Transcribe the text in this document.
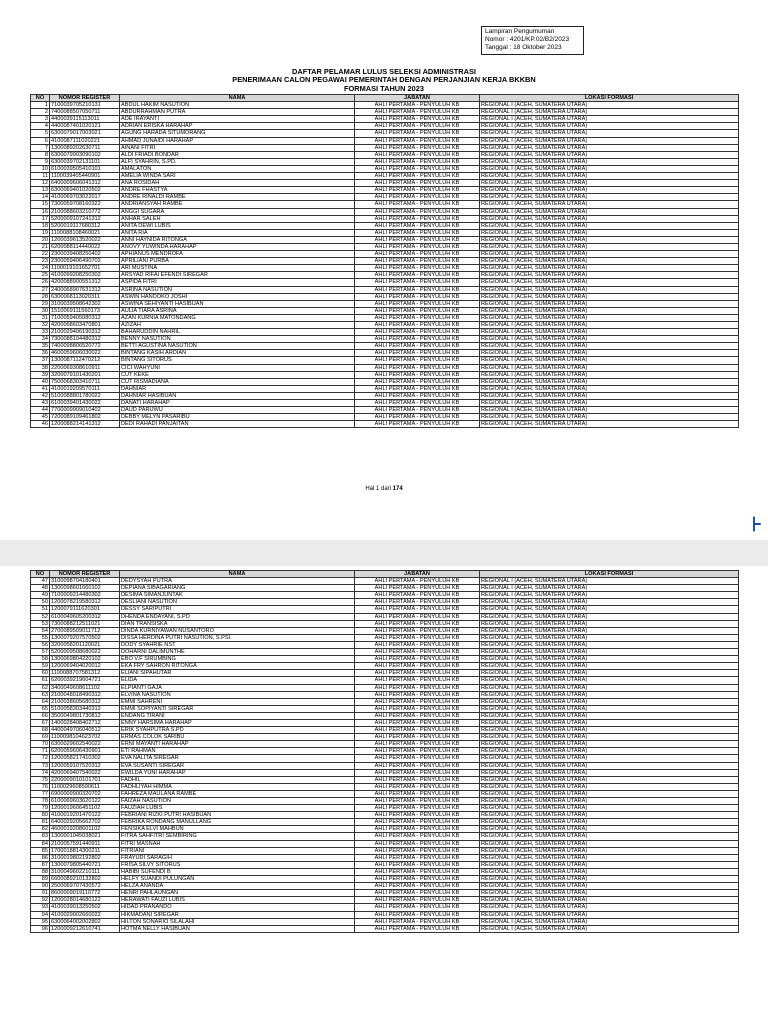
Lampiran Pengumuman
Nomor : 4201/KP.02/B2/2023
Tanggal : 18 Oktober 2023
DAFTAR PELAMAR LULUS SELEKSI ADMINISTRASI
PENERIMAAN CALON PEGAWAI PEMERINTAH DENGAN PERJANJIAN KERJA BKKBN
FORMASI TAHUN 2023
NO	NOMOR REGISTER	NAMA	JABATAN	LOKASI FORMASI
1	7100039705210131	ABDUL HAKIM NASUTION	AHLI PERTAMA - PENYULUH KB	REGIONAL I (ACEH, SUMATERA UTARA)
2	7400088507050711	ABDURRAHMAN PUTRA	AHLI PERTAMA - PENYULUH KB	REGIONAL I (ACEH, SUMATERA UTARA)
3	4400039115113011	ADE IRAYANTI	AHLI PERTAMA - PENYULUH KB	REGIONAL I (ACEH, SUMATERA UTARA)
4	4400087401020121	ADRIAN ERISKA HARAHAP	AHLI PERTAMA - PENYULUH KB	REGIONAL I (ACEH, SUMATERA UTARA)
5	6300079017003021	AGUNG HARADA SITUMORANG	AHLI PERTAMA - PENYULUH KB	REGIONAL I (ACEH, SUMATERA UTARA)
6	4100087111020221	AHMAD JUNAIDI HARAHAP	AHLI PERTAMA - PENYULUH KB	REGIONAL I (ACEH, SUMATERA UTARA)
7	1300089202630711	AINANI FITRI	AHLI PERTAMA - PENYULUH KB	REGIONAL I (ACEH, SUMATERA UTARA)
8	6300079903090102	ALDI FRIADI BONDAR	AHLI PERTAMA - PENYULUH KB	REGIONAL I (ACEH, SUMATERA UTARA)
9	6300039702131101	ALFI SYAHRIN, S.PD.	AHLI PERTAMA - PENYULUH KB	REGIONAL I (ACEH, SUMATERA UTARA)
10	6100039505410101	AMALATON	AHLI PERTAMA - PENYULUH KB	REGIONAL I (ACEH, SUMATERA UTARA)
11	1100039405440901	AMELIA WINDA SARI	AHLI PERTAMA - PENYULUH KB	REGIONAL I (ACEH, SUMATERA UTARA)
12	6400009606041312	ANA ROSIDAH	AHLI PERTAMA - PENYULUH KB	REGIONAL I (ACEH, SUMATERA UTARA)
13	6300069401020502	ANDRE FHASTYA	AHLI PERTAMA - PENYULUH KB	REGIONAL I (ACEH, SUMATERA UTARA)
14	4100069703022017	ANDRE RINALDI RAMBE	AHLI PERTAMA - PENYULUH KB	REGIONAL I (ACEH, SUMATERA UTARA)
15	7300059708160322	ANDRIANSYAH RAMBE	AHLI PERTAMA - PENYULUH KB	REGIONAL I (ACEH, SUMATERA UTARA)
16	2100088603210772	ANGGI SUGARA	AHLI PERTAMA - PENYULUH KB	REGIONAL I (ACEH, SUMATERA UTARA)
17	5200009107241312	ANHAR SALEH	AHLI PERTAMA - PENYULUH KB	REGIONAL I (ACEH, SUMATERA UTARA)
18	5200019117680312	ANITA DEWI LUBIS	AHLI PERTAMA - PENYULUH KB	REGIONAL I (ACEH, SUMATERA UTARA)
19	1100088108460021	ANITA RIA	AHLI PERTAMA - PENYULUH KB	REGIONAL I (ACEH, SUMATERA UTARA)
20	1200039613520022	ANNI HAYNIDA RITONGA	AHLI PERTAMA - PENYULUH KB	REGIONAL I (ACEH, SUMATERA UTARA)
21	6200088114440022	ANOVY YUWINDA HARAHAP	AHLI PERTAMA - PENYULUH KB	REGIONAL I (ACEH, SUMATERA UTARA)
22	2300039408250402	APHIANUS MENDROFA	AHLI PERTAMA - PENYULUH KB	REGIONAL I (ACEH, SUMATERA UTARA)
23	2300059406490702	APRILIANI PURBA	AHLI PERTAMA - PENYULUH KB	REGIONAL I (ACEH, SUMATERA UTARA)
24	1100019101652701	ARI MUSTINA	AHLI PERTAMA - PENYULUH KB	REGIONAL I (ACEH, SUMATERA UTARA)
25	4100099208250302	ARSYAD RIFAI EFENDI SIREGAR	AHLI PERTAMA - PENYULUH KB	REGIONAL I (ACEH, SUMATERA UTARA)
26	4200088900551312	ASPIDA FITRI	AHLI PERTAMA - PENYULUH KB	REGIONAL I (ACEH, SUMATERA UTARA)
27	2400068907631312	ASRINA NASUTION	AHLI PERTAMA - PENYULUH KB	REGIONAL I (ACEH, SUMATERA UTARA)
28	6300068113020311	ASWIN HANDOKO JOSHI	AHLI PERTAMA - PENYULUH KB	REGIONAL I (ACEH, SUMATERA UTARA)
29	3100039508642302	ASWINA SEHIYANTI HASIBUAN	AHLI PERTAMA - PENYULUH KB	REGIONAL I (ACEH, SUMATERA UTARA)
30	1510069111560173	AULIA TIARA ASRINA	AHLI PERTAMA - PENYULUH KB	REGIONAL I (ACEH, SUMATERA UTARA)
31	7100059405080312	AZAN KURNIA MATONDANG	AHLI PERTAMA - PENYULUH KB	REGIONAL I (ACEH, SUMATERA UTARA)
32	4200068603470801	AZIZAH	AHLI PERTAMA - PENYULUH KB	REGIONAL I (ACEH, SUMATERA UTARA)
33	2100029406190312	BAHARUDDIN NAHRIL	AHLI PERTAMA - PENYULUH KB	REGIONAL I (ACEH, SUMATERA UTARA)
34	7300088104480312	BENNY NASUTION	AHLI PERTAMA - PENYULUH KB	REGIONAL I (ACEH, SUMATERA UTARA)
35	7400098806520772	BETTI AGUSTINA NASUTION	AHLI PERTAMA - PENYULUH KB	REGIONAL I (ACEH, SUMATERA UTARA)
36	4600059606030022	BINTANG KASIH ARDIAN	AHLI PERTAMA - PENYULUH KB	REGIONAL I (ACEH, SUMATERA UTARA)
37	1300087112470212	BINTANG SITORUS	AHLI PERTAMA - PENYULUH KB	REGIONAL I (ACEH, SUMATERA UTARA)
38	2200069308610911	CICI WAHYUNI	AHLI PERTAMA - PENYULUH KB	REGIONAL I (ACEH, SUMATERA UTARA)
39	3200079101430201	CUT KEKE	AHLI PERTAMA - PENYULUH KB	REGIONAL I (ACEH, SUMATERA UTARA)
40	7500068303410711	CUT RISMADIANA	AHLI PERTAMA - PENYULUH KB	REGIONAL I (ACEH, SUMATERA UTARA)
41	4100019209570111	DAHNIAR	AHLI PERTAMA - PENYULUH KB	REGIONAL I (ACEH, SUMATERA UTARA)
42	5100088801780022	DAHNIAR HASIBUAN	AHLI PERTAMA - PENYULUH KB	REGIONAL I (ACEH, SUMATERA UTARA)
43	6100039401430022	DANATI HARAHAP	AHLI PERTAMA - PENYULUH KB	REGIONAL I (ACEH, SUMATERA UTARA)
44	7700009909010402	DAUD PARUWU	AHLI PERTAMA - PENYULUH KB	REGIONAL I (ACEH, SUMATERA UTARA)
45	7200089109461802	DEBBY MELYN PASARIBU	AHLI PERTAMA - PENYULUH KB	REGIONAL I (ACEH, SUMATERA UTARA)
46	1200088214141312	DEDI RAHADI PANJAITAN	AHLI PERTAMA - PENYULUH KB	REGIONAL I (ACEH, SUMATERA UTARA)
Hal 1 dari 174
⊦
NO	NOMOR REGISTER	NAMA	JABATAN	LOKASI FORMASI
47	3100098704180401	DEDYSYAH PUTRA	AHLI PERTAMA - PENYULUH KB	REGIONAL I (ACEH, SUMATERA UTARA)
48	1300098601660102	DEPIANA SIBAGARIANG	AHLI PERTAMA - PENYULUH KB	REGIONAL I (ACEH, SUMATERA UTARA)
49	7100009214480302	DESIMA SIMANJUNTAK	AHLI PERTAMA - PENYULUH KB	REGIONAL I (ACEH, SUMATERA UTARA)
50	1200078219580312	DESLIANI NASUTION	AHLI PERTAMA - PENYULUH KB	REGIONAL I (ACEH, SUMATERA UTARA)
51	1200079111620301	DESSY SARIPUTRI	AHLI PERTAMA - PENYULUH KB	REGIONAL I (ACEH, SUMATERA UTARA)
52	6100049605200312	DHENDA ENDAYANI, S.PD	AHLI PERTAMA - PENYULUH KB	REGIONAL I (ACEH, SUMATERA UTARA)
53	7300088212511021	DIAN TRANSISKA	AHLI PERTAMA - PENYULUH KB	REGIONAL I (ACEH, SUMATERA UTARA)
54	2700089509011712	DINDA KURNIYAWAN NUSANTORO	AHLI PERTAMA - PENYULUH KB	REGIONAL I (ACEH, SUMATERA UTARA)
55	1300079207570502	DISSA HERDINA PUTRI NASUTION, S.PSI.	AHLI PERTAMA - PENYULUH KB	REGIONAL I (ACEH, SUMATERA UTARA)
56	3200058201120021	DODY SYAHRIE NST	AHLI PERTAMA - PENYULUH KB	REGIONAL I (ACEH, SUMATERA UTARA)
57	5200009508680022	DOHARNI DALIMUNTHE	AHLI PERTAMA - PENYULUH KB	REGIONAL I (ACEH, SUMATERA UTARA)
58	1300069804220102	EBO V.F SIRUMBING	AHLI PERTAMA - PENYULUH KB	REGIONAL I (ACEH, SUMATERA UTARA)
59	1200069404020012	EKA FRY SAHRON RITONGA	AHLI PERTAMA - PENYULUH KB	REGIONAL I (ACEH, SUMATERA UTARA)
60	1100088707581312	ELIANI SIPAHUTAR	AHLI PERTAMA - PENYULUH KB	REGIONAL I (ACEH, SUMATERA UTARA)
61	6200039219604721	ELIDA	AHLI PERTAMA - PENYULUH KB	REGIONAL I (ACEH, SUMATERA UTARA)
62	3400049608611102	ELPIANTI GAJA	AHLI PERTAMA - PENYULUH KB	REGIONAL I (ACEH, SUMATERA UTARA)
63	2100048018490312	ELVINA NASUTION	AHLI PERTAMA - PENYULUH KB	REGIONAL I (ACEH, SUMATERA UTARA)
64	2100038605680312	EMMI SAHRENI	AHLI PERTAMA - PENYULUH KB	REGIONAL I (ACEH, SUMATERA UTARA)
65	5100058303440312	EMMI SOPIYANTI SIREGAR	AHLI PERTAMA - PENYULUH KB	REGIONAL I (ACEH, SUMATERA UTARA)
66	3500049801730812	ENDANG TIRANI	AHLI PERTAMA - PENYULUH KB	REGIONAL I (ACEH, SUMATERA UTARA)
67	1400028408402712	ENNY HARSIMA HARAHAP	AHLI PERTAMA - PENYULUH KB	REGIONAL I (ACEH, SUMATERA UTARA)
68	4400049706040512	ERIK SYAHPUTRA S.PD	AHLI PERTAMA - PENYULUH KB	REGIONAL I (ACEH, SUMATERA UTARA)
69	1100098104623702	ERMAS COLOK SARIBU	AHLI PERTAMA - PENYULUH KB	REGIONAL I (ACEH, SUMATERA UTARA)
70	6300029602540022	ERNI MAYANTI HARAHAP	AHLI PERTAMA - PENYULUH KB	REGIONAL I (ACEH, SUMATERA UTARA)
71	6200059606430901	ETI RAHMAN	AHLI PERTAMA - PENYULUH KB	REGIONAL I (ACEH, SUMATERA UTARA)
72	1200058217410302	EVA NALITA SIREGAR	AHLI PERTAMA - PENYULUH KB	REGIONAL I (ACEH, SUMATERA UTARA)
73	1200059107520312	EVA SUSANTI SIREGAR	AHLI PERTAMA - PENYULUH KB	REGIONAL I (ACEH, SUMATERA UTARA)
74	4200069407540022	EWILDA YUNI HARAHAP	AHLI PERTAMA - PENYULUH KB	REGIONAL I (ACEH, SUMATERA UTARA)
75	2200009010101701	FADHIL	AHLI PERTAMA - PENYULUH KB	REGIONAL I (ACEH, SUMATERA UTARA)
76	1100029608590611	FADHLIYAH HIMMA	AHLI PERTAMA - PENYULUH KB	REGIONAL I (ACEH, SUMATERA UTARA)
77	6900009900320702	FAHREZA MAULANA RAMBE	AHLI PERTAMA - PENYULUH KB	REGIONAL I (ACEH, SUMATERA UTARA)
78	6100069603620122	FAIZAH NASUTION	AHLI PERTAMA - PENYULUH KB	REGIONAL I (ACEH, SUMATERA UTARA)
79	1200019606451102	FAUZIAH LUBIS	AHLI PERTAMA - PENYULUH KB	REGIONAL I (ACEH, SUMATERA UTARA)
80	4100019201470122	FEBRIANI RIZKI PUTRI HASIBUAN	AHLI PERTAMA - PENYULUH KB	REGIONAL I (ACEH, SUMATERA UTARA)
81	6400029205662702	FEBRIKA RONDANG MANULLANG	AHLI PERTAMA - PENYULUH KB	REGIONAL I (ACEH, SUMATERA UTARA)
82	4600019208601102	FENSIKA ELVI MAHBUN	AHLI PERTAMA - PENYULUH KB	REGIONAL I (ACEH, SUMATERA UTARA)
83	1300001045038021	FITRA SAHFITRI SEMBIRING	AHLI PERTAMA - PENYULUH KB	REGIONAL I (ACEH, SUMATERA UTARA)
84	2100057591440911	FITRI MASNAH	AHLI PERTAMA - PENYULUH KB	REGIONAL I (ACEH, SUMATERA UTARA)
85	1700018814300211	FITRIANI	AHLI PERTAMA - PENYULUH KB	REGIONAL I (ACEH, SUMATERA UTARA)
86	3100019802192802	FRAYUDI SARAGIH	AHLI PERTAMA - PENYULUH KB	REGIONAL I (ACEH, SUMATERA UTARA)
87	1300079805440721	FRISA SILVY SITORUS	AHLI PERTAMA - PENYULUH KB	REGIONAL I (ACEH, SUMATERA UTARA)
88	3100049602210111	HABIBI SUFENDI B	AHLI PERTAMA - PENYULUH KB	REGIONAL I (ACEH, SUMATERA UTARA)
89	6600089210132802	HELFY SUANDI PULUNGAN	AHLI PERTAMA - PENYULUH KB	REGIONAL I (ACEH, SUMATERA UTARA)
90	2500069707430572	HELZA ANANDA	AHLI PERTAMA - PENYULUH KB	REGIONAL I (ACEH, SUMATERA UTARA)
91	8600009019110772	HENRI PAHLAUNGAN	AHLI PERTAMA - PENYULUH KB	REGIONAL I (ACEH, SUMATERA UTARA)
92	1200028014680122	HERAWATI FAUZI LUBIS	AHLI PERTAMA - PENYULUH KB	REGIONAL I (ACEH, SUMATERA UTARA)
93	4100039013250502	HIDAD PRANANDO	AHLI PERTAMA - PENYULUH KB	REGIONAL I (ACEH, SUMATERA UTARA)
94	4100029002660022	HIKMADANI SIREGAR	AHLI PERTAMA - PENYULUH KB	REGIONAL I (ACEH, SUMATERA UTARA)
95	6300064002002802	HILTON SONARIO SILALAHI	AHLI PERTAMA - PENYULUH KB	REGIONAL I (ACEH, SUMATERA UTARA)
96	1200009212610741	HOTMA NELLY HASIBUAN	AHLI PERTAMA - PENYULUH KB	REGIONAL I (ACEH, SUMATERA UTARA)
